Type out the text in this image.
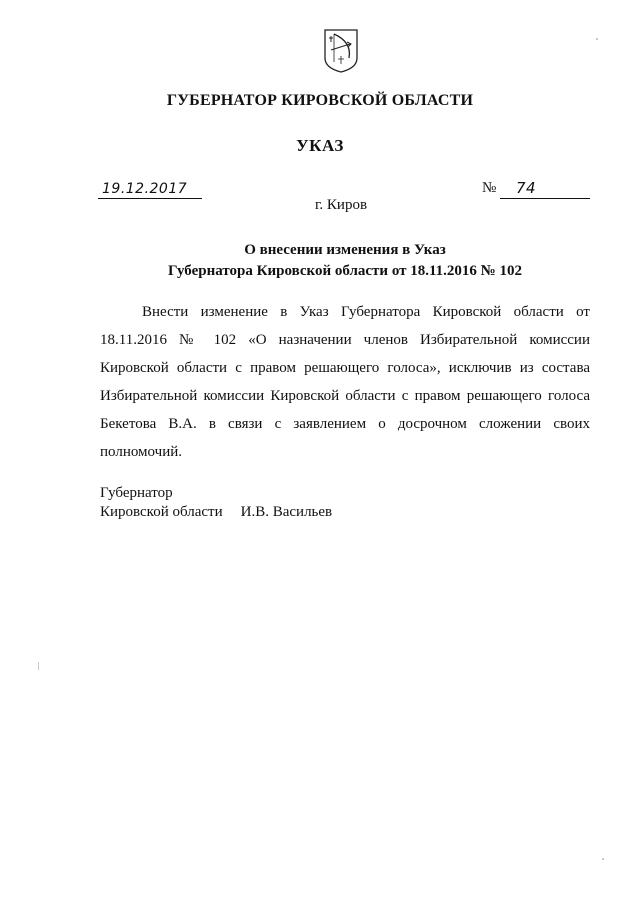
ГУБЕРНАТОР КИРОВСКОЙ ОБЛАСТИ
УКАЗ
19.12.2017	№ 74
г. Киров

О внесении изменения в Указ
Губернатора Кировской области от 18.11.2016 № 102

Внести изменение в Указ Губернатора Кировской области от
18.11.2016 № 102 «О назначении членов Избирательной комиссии
Кировской области с правом решающего голоса», исключив из состава
Избирательной комиссии Кировской области с правом решающего голоса
Бекетова В.А. в связи с заявлением о досрочном сложении своих
полномочий.

Губернатор
Кировской области И.В. Васильев
